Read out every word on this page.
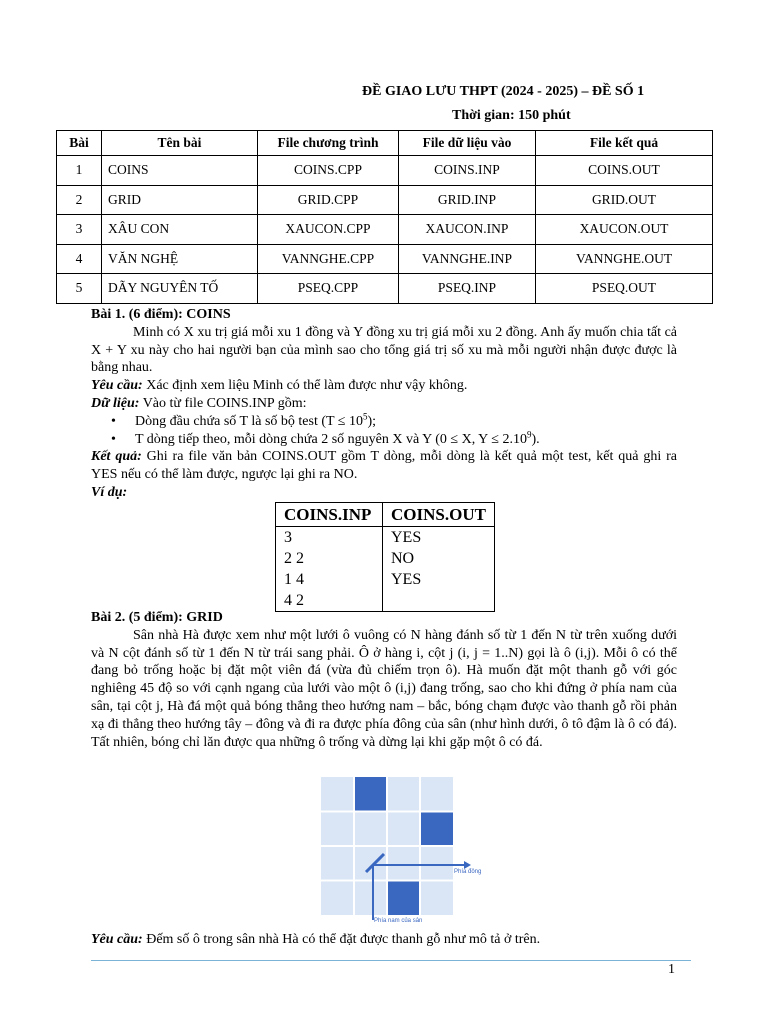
ĐỀ GIAO LƯU THPT (2024 - 2025) – ĐỀ SỐ 1
Thời gian: 150 phút
Bài	Tên bài	File chương trình	File dữ liệu vào	File kết quả
1	COINS	COINS.CPP	COINS.INP	COINS.OUT
2	GRID	GRID.CPP	GRID.INP	GRID.OUT
3	XÂU CON	XAUCON.CPP	XAUCON.INP	XAUCON.OUT
4	VĂN NGHỆ	VANNGHE.CPP	VANNGHE.INP	VANNGHE.OUT
5	DÃY NGUYÊN TỐ	PSEQ.CPP	PSEQ.INP	PSEQ.OUT
Bài 1. (6 điểm): COINS
Minh có X xu trị giá mỗi xu 1 đồng và Y đồng xu trị giá mỗi xu 2 đồng. Anh ấy muốn chia tất cả X + Y xu này cho hai người bạn của mình sao cho tổng giá trị số xu mà mỗi người nhận được được là bằng nhau.
Yêu cầu: Xác định xem liệu Minh có thể làm được như vậy không.
Dữ liệu: Vào từ file COINS.INP gồm:
• Dòng đầu chứa số T là số bộ test $(T \le 10^5)$;
• T dòng tiếp theo, mỗi dòng chứa 2 số nguyên X và Y (0 ≤ X, $Y \le 2.10^9$).
Kết quả: Ghi ra file văn bản COINS.OUT gồm T dòng, mỗi dòng là kết quả một test, kết quả ghi ra YES nếu có thể làm được, ngược lại ghi ra NO.
Ví dụ:
COINS.INP	COINS.OUT
3	YES
2 2	NO
1 4	YES
4 2	
Bài 2. (5 điểm): GRID
Sân nhà Hà được xem như một lưới ô vuông có N hàng đánh số từ 1 đến N từ trên xuống dưới và N cột đánh số từ 1 đến N từ trái sang phải. Ô ở hàng i, cột j (i, j = 1..N) gọi là ô (i,j). Mỗi ô có thể đang bỏ trống hoặc bị đặt một viên đá (vừa đủ chiếm trọn ô). Hà muốn đặt một thanh gỗ với góc nghiêng 45 độ so với cạnh ngang của lưới vào một ô (i,j) đang trống, sao cho khi đứng ở phía nam của sân, tại cột j, Hà đá một quả bóng thẳng theo hướng nam – bắc, bóng chạm được vào thanh gỗ rồi phản xạ đi thẳng theo hướng tây – đông và đi ra được phía đông của sân (như hình dưới, ô tô đậm là ô có đá). Tất nhiên, bóng chỉ lăn được qua những ô trống và dừng lại khi gặp một ô có đá.
Phía đông
Phía nam của sân
Yêu cầu: Đếm số ô trong sân nhà Hà có thể đặt được thanh gỗ như mô tả ở trên.
1
